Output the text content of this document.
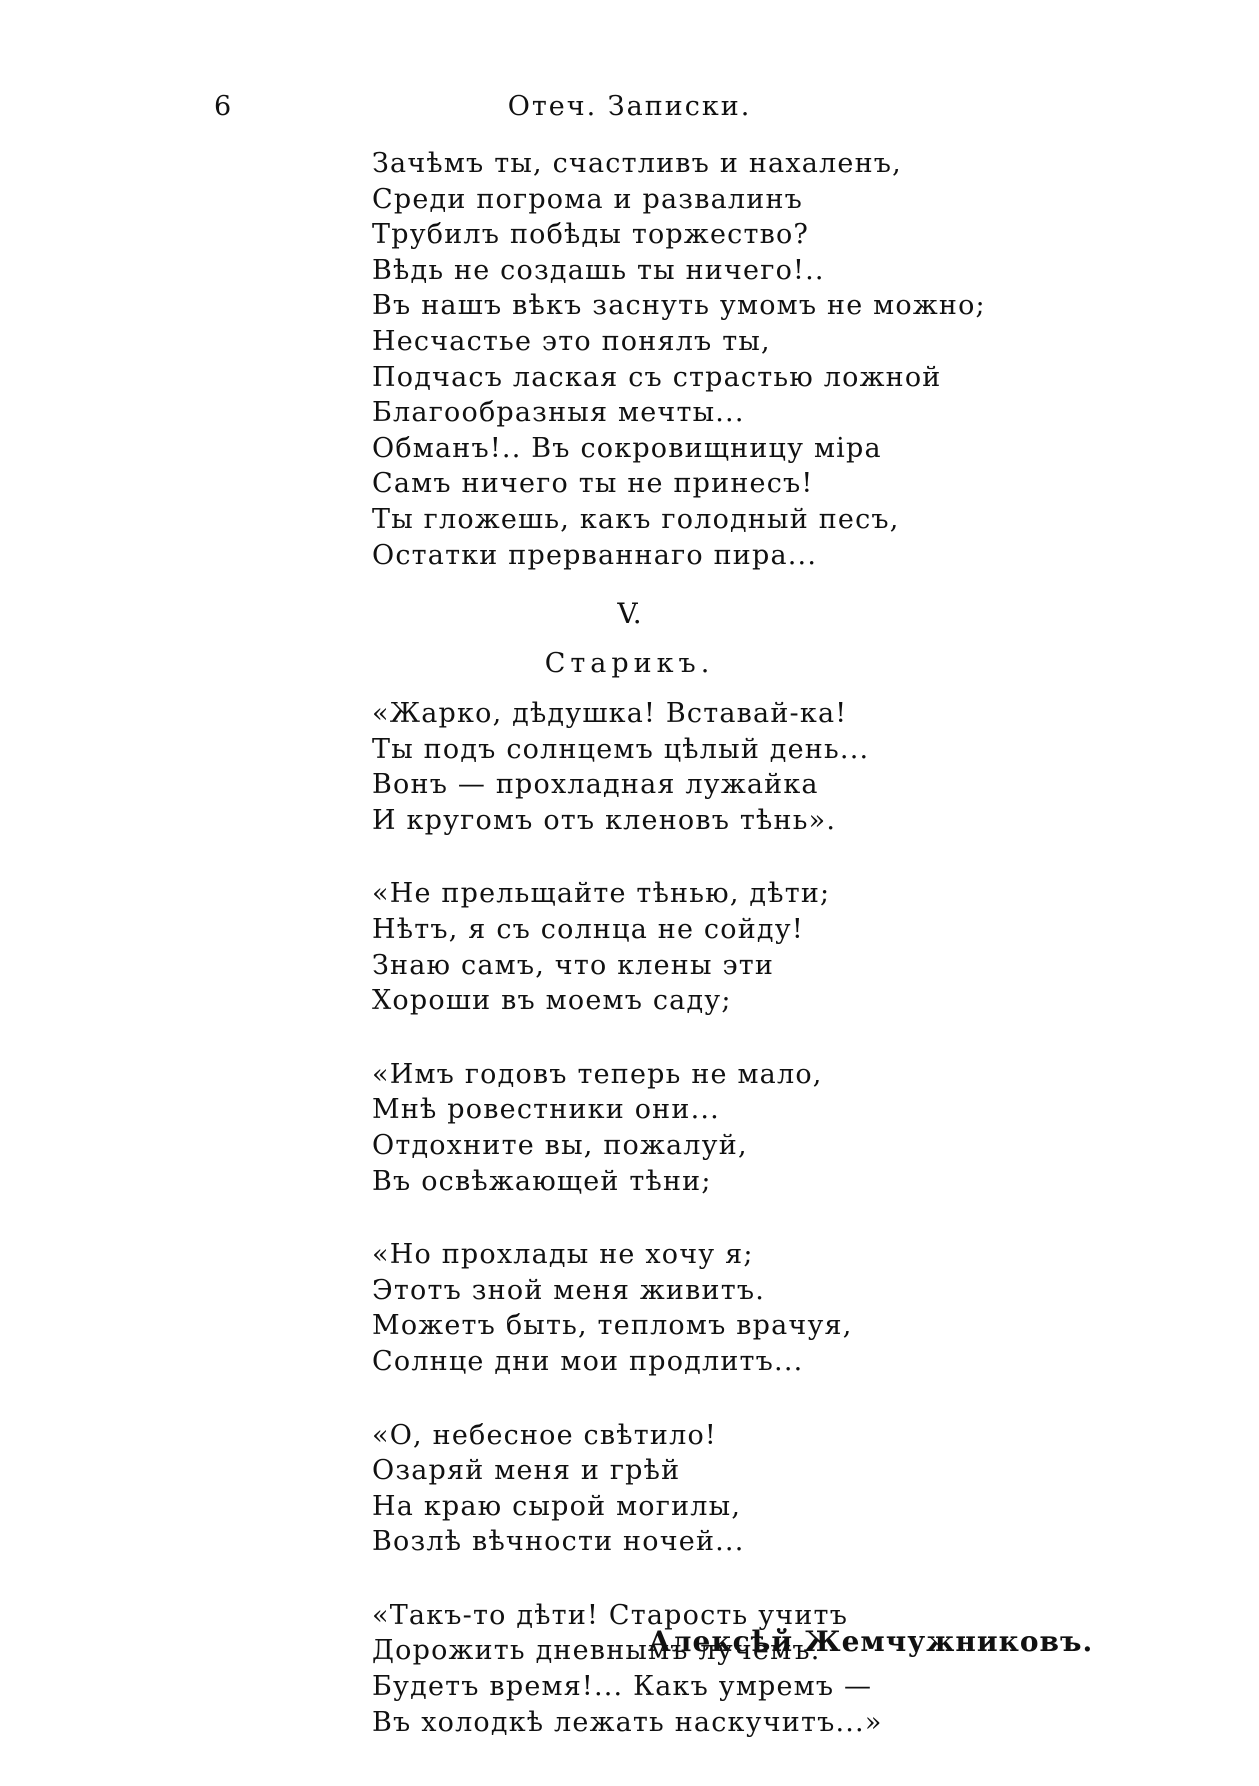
6	Отеч. Записки.
Зачѣмъ ты, счастливъ и нахаленъ,
Среди погрома и развалинъ
Трубилъ побѣды торжество?
Вѣдь не создашь ты ничего!..
Въ нашъ вѣкъ заснуть умомъ не можно;
Несчастье это понялъ ты,
Подчасъ лаская съ страстью ложной
Благообразныя мечты...
Обманъ!.. Въ сокровищницу міра
Самъ ничего ты не принесъ!
Ты гложешь, какъ голодный песъ,
Остатки прерваннаго пира...
V.
Старикъ.
«Жарко, дѣдушка! Вставай-ка!
Ты подъ солнцемъ цѣлый день...
Вонъ — прохладная лужайка
И кругомъ отъ кленовъ тѣнь».
«Не прельщайте тѣнью, дѣти;
Нѣтъ, я съ солнца не сойду!
Знаю самъ, что клены эти
Хороши въ моемъ саду;
«Имъ годовъ теперь не мало,
Мнѣ ровестники они...
Отдохните вы, пожалуй,
Въ освѣжающей тѣни;
«Но прохлады не хочу я;
Этотъ зной меня живитъ.
Можетъ быть, тепломъ врачуя,
Солнце дни мои продлитъ...
«О, небесное свѣтило!
Озаряй меня и грѣй
На краю сырой могилы,
Возлѣ вѣчности ночей...
«Такъ-то дѣти! Старость учитъ
Дорожить дневнымъ лучемъ.
Будетъ время!... Какъ умремъ —
Въ холодкѣ лежать наскучитъ...»
Алексѣй Жемчужниковъ.
